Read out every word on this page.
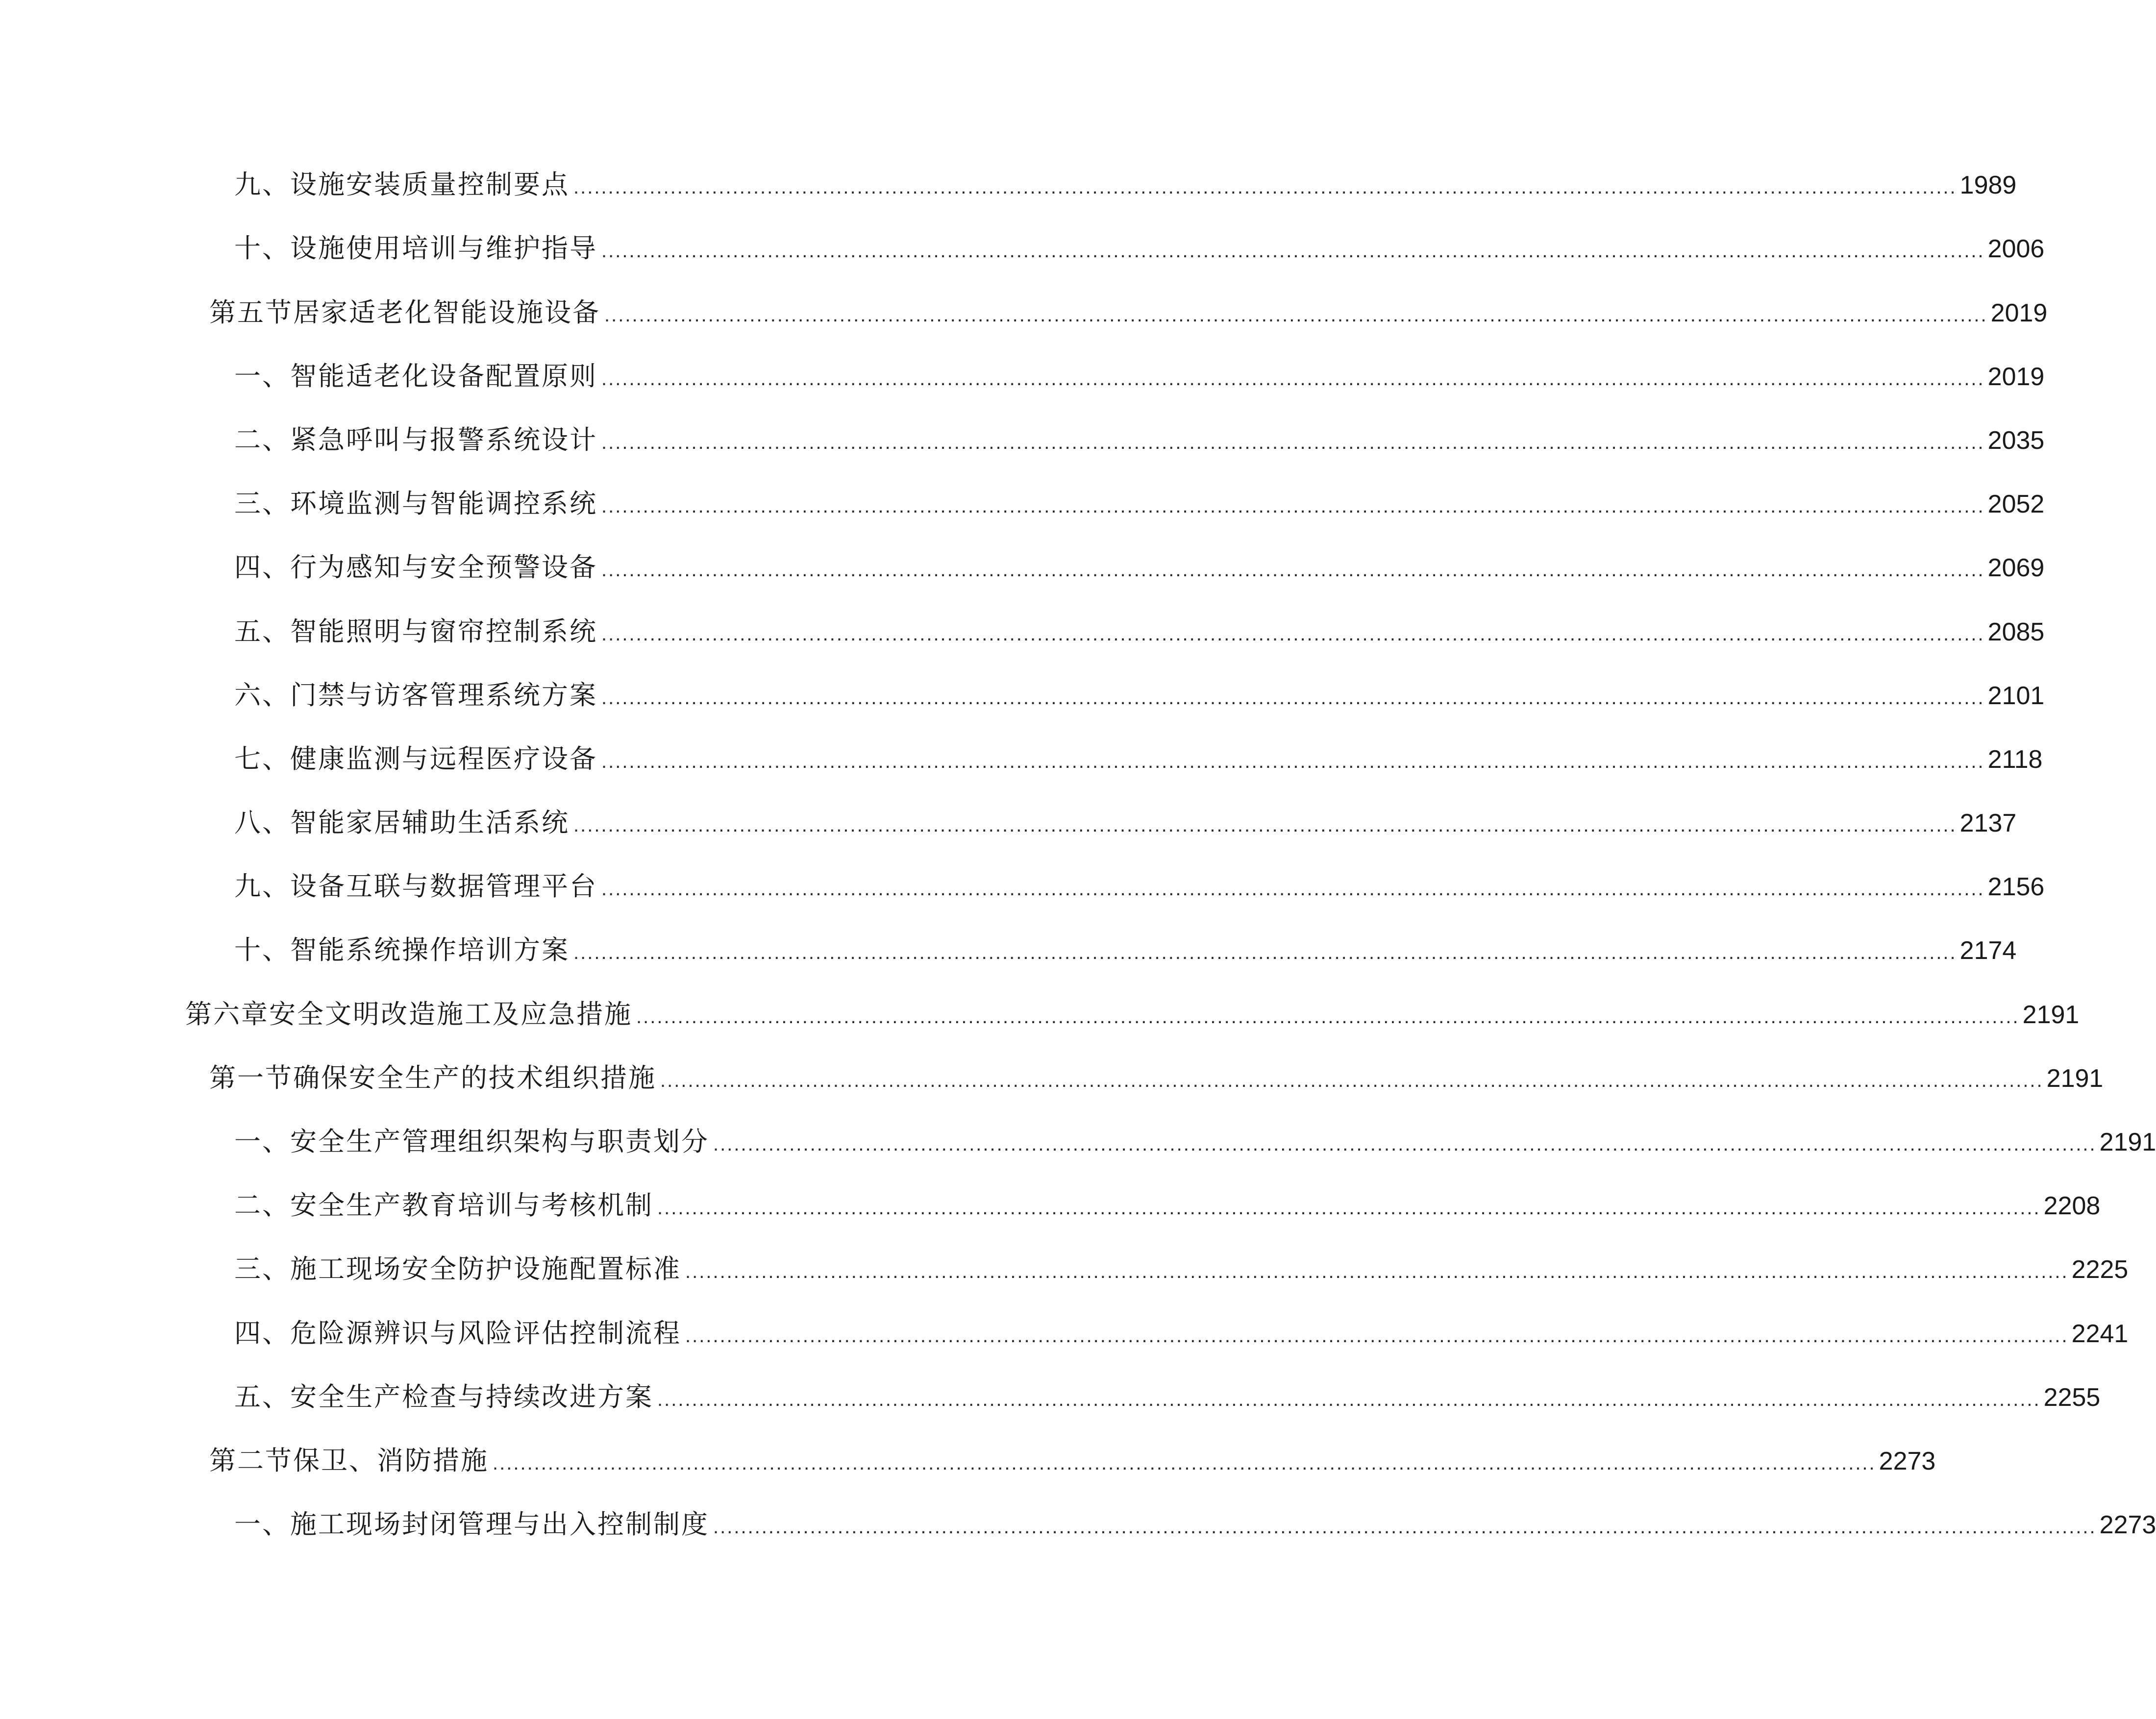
九、设施安装质量控制要点 ........................................................................................................................................................................................................ 1989
十、设施使用培训与维护指导 ........................................................................................................................................................................................................ 2006
第五节居家适老化智能设施设备 ........................................................................................................................................................................................................ 2019
一、智能适老化设备配置原则 ........................................................................................................................................................................................................ 2019
二、紧急呼叫与报警系统设计 ........................................................................................................................................................................................................ 2035
三、环境监测与智能调控系统 ........................................................................................................................................................................................................ 2052
四、行为感知与安全预警设备 ........................................................................................................................................................................................................ 2069
五、智能照明与窗帘控制系统 ........................................................................................................................................................................................................ 2085
六、门禁与访客管理系统方案 ........................................................................................................................................................................................................ 2101
七、健康监测与远程医疗设备 ........................................................................................................................................................................................................ 2118
八、智能家居辅助生活系统 ........................................................................................................................................................................................................ 2137
九、设备互联与数据管理平台 ........................................................................................................................................................................................................ 2156
十、智能系统操作培训方案 ........................................................................................................................................................................................................ 2174
第六章安全文明改造施工及应急措施 ........................................................................................................................................................................................................ 2191
第一节确保安全生产的技术组织措施 ........................................................................................................................................................................................................ 2191
一、安全生产管理组织架构与职责划分 ........................................................................................................................................................................................................ 2191
二、安全生产教育培训与考核机制 ........................................................................................................................................................................................................ 2208
三、施工现场安全防护设施配置标准 ........................................................................................................................................................................................................ 2225
四、危险源辨识与风险评估控制流程 ........................................................................................................................................................................................................ 2241
五、安全生产检查与持续改进方案 ........................................................................................................................................................................................................ 2255
第二节保卫、消防措施 ........................................................................................................................................................................................................ 2273
一、施工现场封闭管理与出入控制制度 ........................................................................................................................................................................................................ 2273
